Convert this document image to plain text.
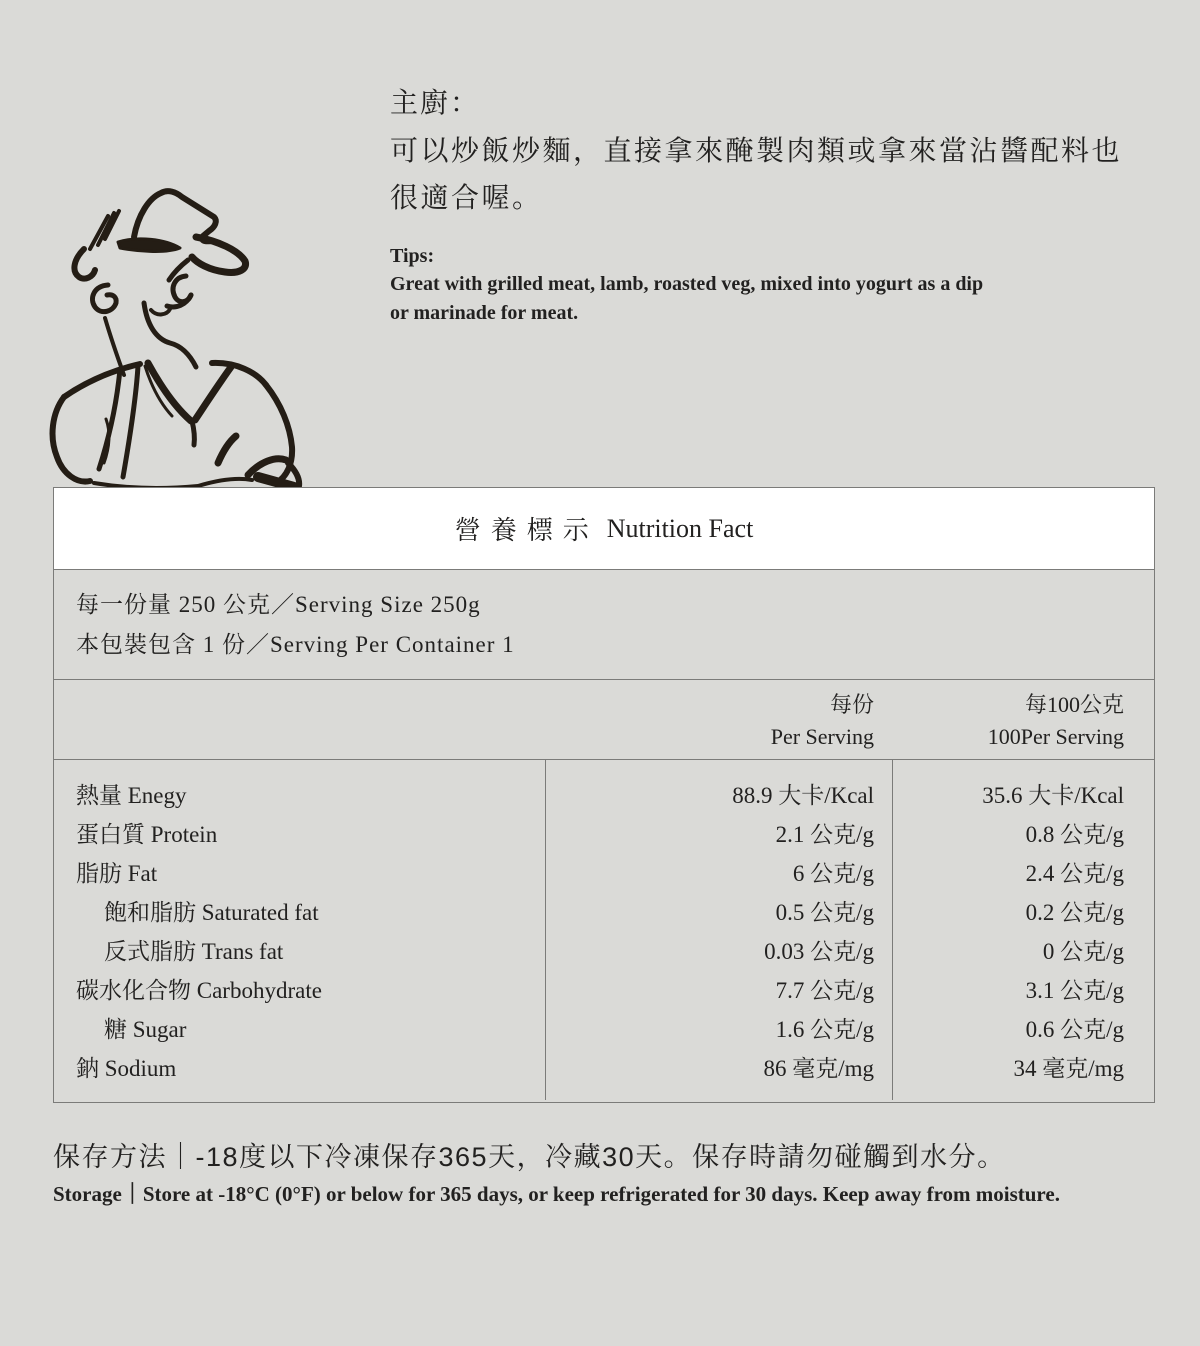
主廚：
可以炒飯炒麵，直接拿來醃製肉類或拿來當沾醬配料也很適合喔。
Tips:
Great with grilled meat, lamb, roasted veg, mixed into yogurt as a dip
or marinade for meat.
營養標示 Nutrition Fact
每一份量 250 公克／Serving Size 250g
本包裝包含 1 份／Serving Per Container 1
每份
Per Serving
每100公克
100Per Serving
熱量 Enegy
蛋白質 Protein
脂肪 Fat
飽和脂肪 Saturated fat
反式脂肪 Trans fat
碳水化合物 Carbohydrate
糖 Sugar
鈉 Sodium
88.9 大卡/Kcal
2.1 公克/g
6 公克/g
0.5 公克/g
0.03 公克/g
7.7 公克/g
1.6 公克/g
86 毫克/mg
35.6 大卡/Kcal
0.8 公克/g
2.4 公克/g
0.2 公克/g
0 公克/g
3.1 公克/g
0.6 公克/g
34 毫克/mg
保存方法｜-18度以下冷凍保存365天，冷藏30天。保存時請勿碰觸到水分。
Storage｜Store at -18°C (0°F) or below for 365 days, or keep refrigerated for 30 days. Keep away from moisture.
